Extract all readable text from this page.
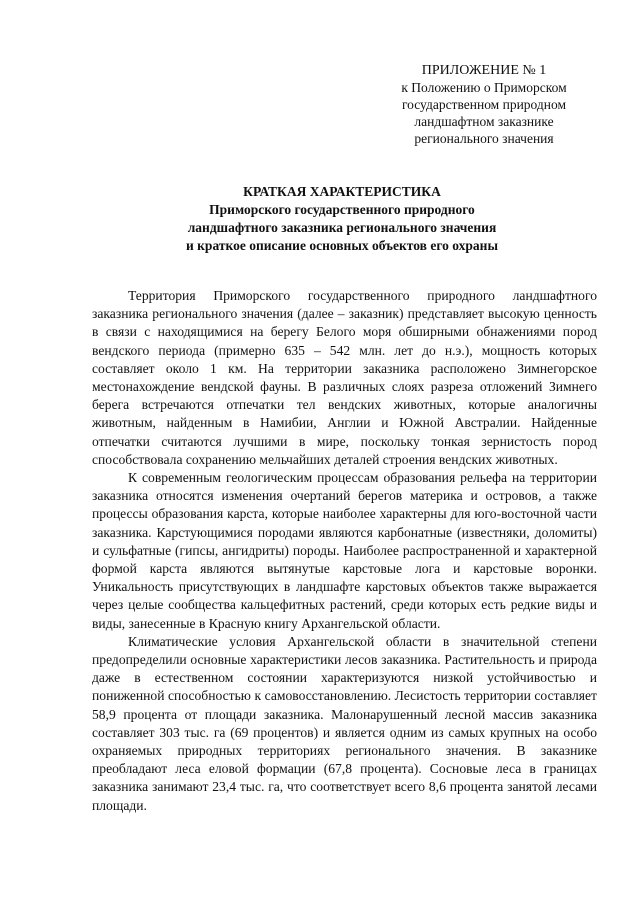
ПРИЛОЖЕНИЕ № 1
к Положению о Приморском
государственном природном
ландшафтном заказнике
регионального значения
КРАТКАЯ ХАРАКТЕРИСТИКА
Приморского государственного природного
ландшафтного заказника регионального значения
и краткое описание основных объектов его охраны

Территория Приморского государственного природного ландшафтного заказника регионального значения (далее – заказник) представляет высокую ценность в связи с находящимися на берегу Белого моря обширными обнажениями пород вендского периода (примерно 635 – 542 млн. лет до н.э.), мощность которых составляет около 1 км. На территории заказника расположено Зимнегорское местонахождение вендской фауны. В различных слоях разреза отложений Зимнего берега встречаются отпечатки тел вендских животных, которые аналогичны животным, найденным в Намибии, Англии и Южной Австралии. Найденные отпечатки считаются лучшими в мире, поскольку тонкая зернистость пород способствовала сохранению мельчайших деталей строения вендских животных.

К современным геологическим процессам образования рельефа на территории заказника относятся изменения очертаний берегов материка и островов, а также процессы образования карста, которые наиболее характерны для юго-восточной части заказника. Карстующимися породами являются карбонатные (известняки, доломиты) и сульфатные (гипсы, ангидриты) породы. Наиболее распространенной и характерной формой карста являются вытянутые карстовые лога и карстовые воронки. Уникальность присутствующих в ландшафте карстовых объектов также выражается через целые сообщества кальцефитных растений, среди которых есть редкие виды и виды, занесенные в Красную книгу Архангельской области.

Климатические условия Архангельской области в значительной степени предопределили основные характеристики лесов заказника. Растительность и природа даже в естественном состоянии характеризуются низкой устойчивостью и пониженной способностью к самовосстановлению. Лесистость территории составляет 58,9 процента от площади заказника. Малонарушенный лесной массив заказника составляет 303 тыс. га (69 процентов) и является одним из самых крупных на особо охраняемых природных территориях регионального значения. В заказнике преобладают леса еловой формации (67,8 процента). Сосновые леса в границах заказника занимают 23,4 тыс. га, что соответствует всего 8,6 процента занятой лесами площади.
